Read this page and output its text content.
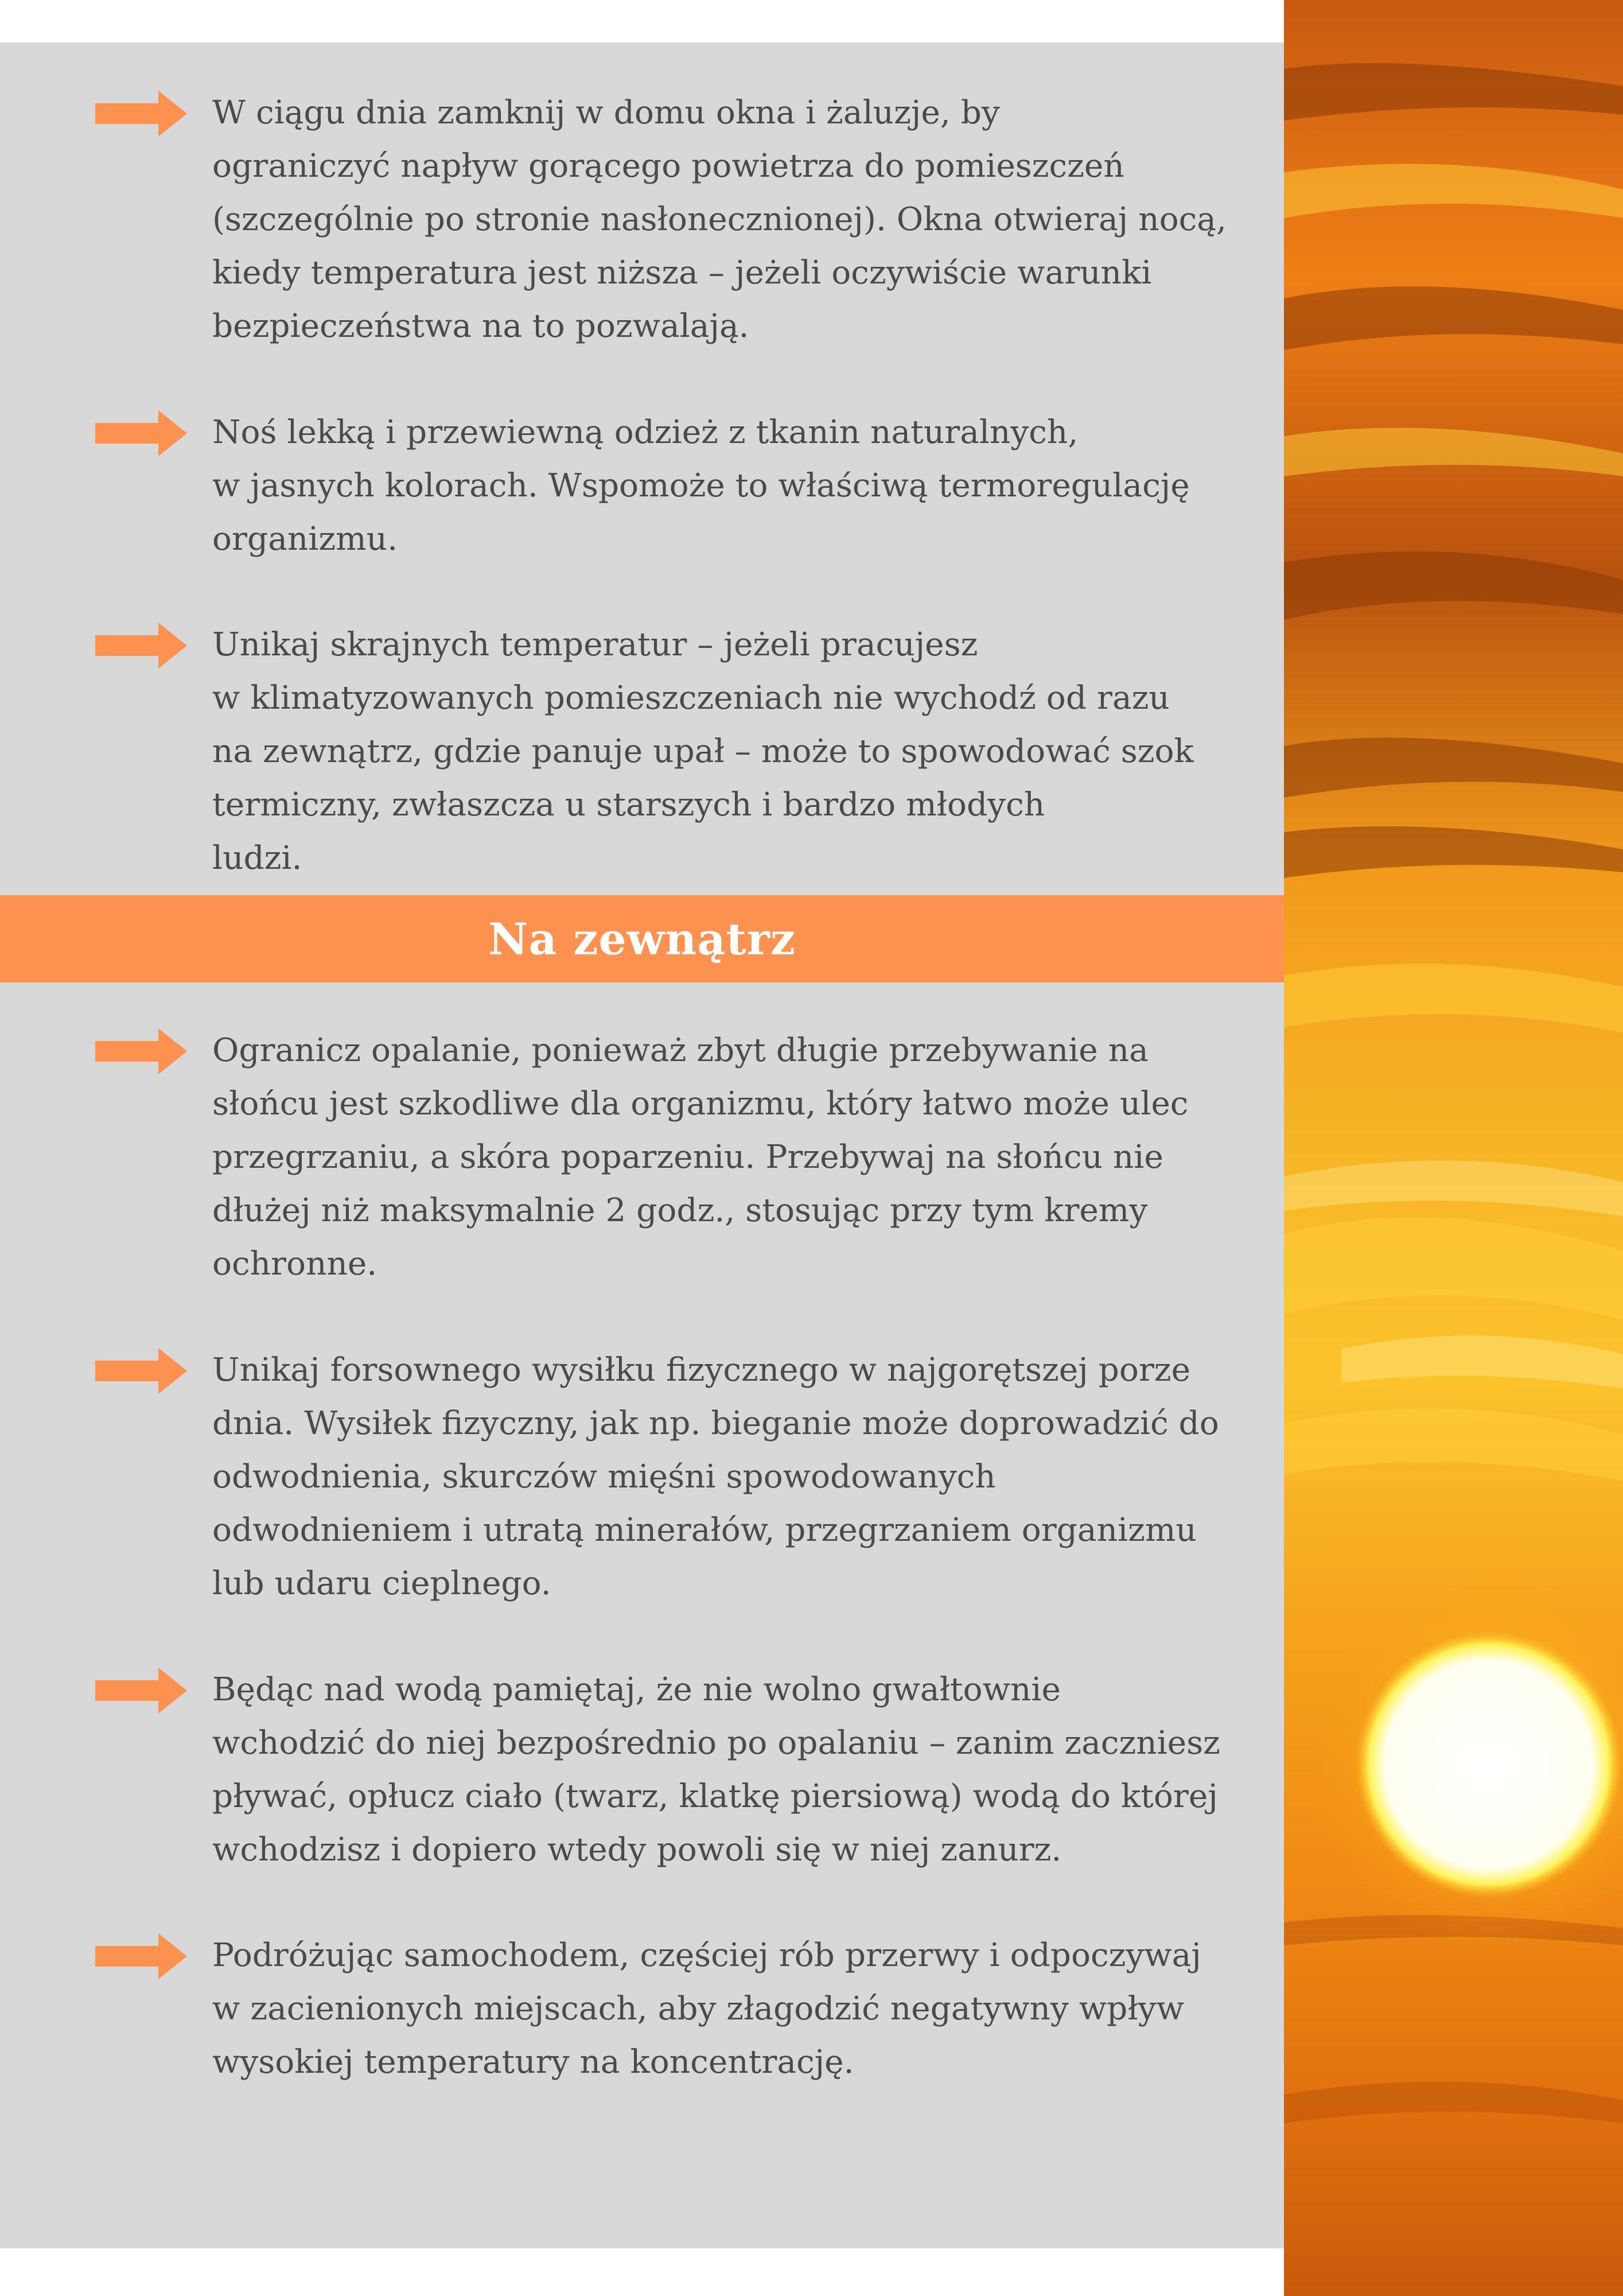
W ciągu dnia zamknij w domu okna i żaluzje, by
ograniczyć napływ gorącego powietrza do pomieszczeń
(szczególnie po stronie nasłonecznionej). Okna otwieraj nocą,
kiedy temperatura jest niższa – jeżeli oczywiście warunki
bezpieczeństwa na to pozwalają.

Noś lekką i przewiewną odzież z tkanin naturalnych,
w jasnych kolorach. Wspomoże to właściwą termoregulację
organizmu.

Unikaj skrajnych temperatur – jeżeli pracujesz
w klimatyzowanych pomieszczeniach nie wychodź od razu
na zewnątrz, gdzie panuje upał – może to spowodować szok
termiczny, zwłaszcza u starszych i bardzo młodych
ludzi.

Na zewnątrz

Ogranicz opalanie, ponieważ zbyt długie przebywanie na
słońcu jest szkodliwe dla organizmu, który łatwo może ulec
przegrzaniu, a skóra poparzeniu. Przebywaj na słońcu nie
dłużej niż maksymalnie 2 godz., stosując przy tym kremy
ochronne.

Unikaj forsownego wysiłku fizycznego w najgorętszej porze
dnia. Wysiłek fizyczny, jak np. bieganie może doprowadzić do
odwodnienia, skurczów mięśni spowodowanych
odwodnieniem i utratą minerałów, przegrzaniem organizmu
lub udaru cieplnego.

Będąc nad wodą pamiętaj, że nie wolno gwałtownie
wchodzić do niej bezpośrednio po opalaniu – zanim zaczniesz
pływać, opłucz ciało (twarz, klatkę piersiową) wodą do której
wchodzisz i dopiero wtedy powoli się w niej zanurz.

Podróżując samochodem, częściej rób przerwy i odpoczywaj
w zacienionych miejscach, aby złagodzić negatywny wpływ
wysokiej temperatury na koncentrację.
